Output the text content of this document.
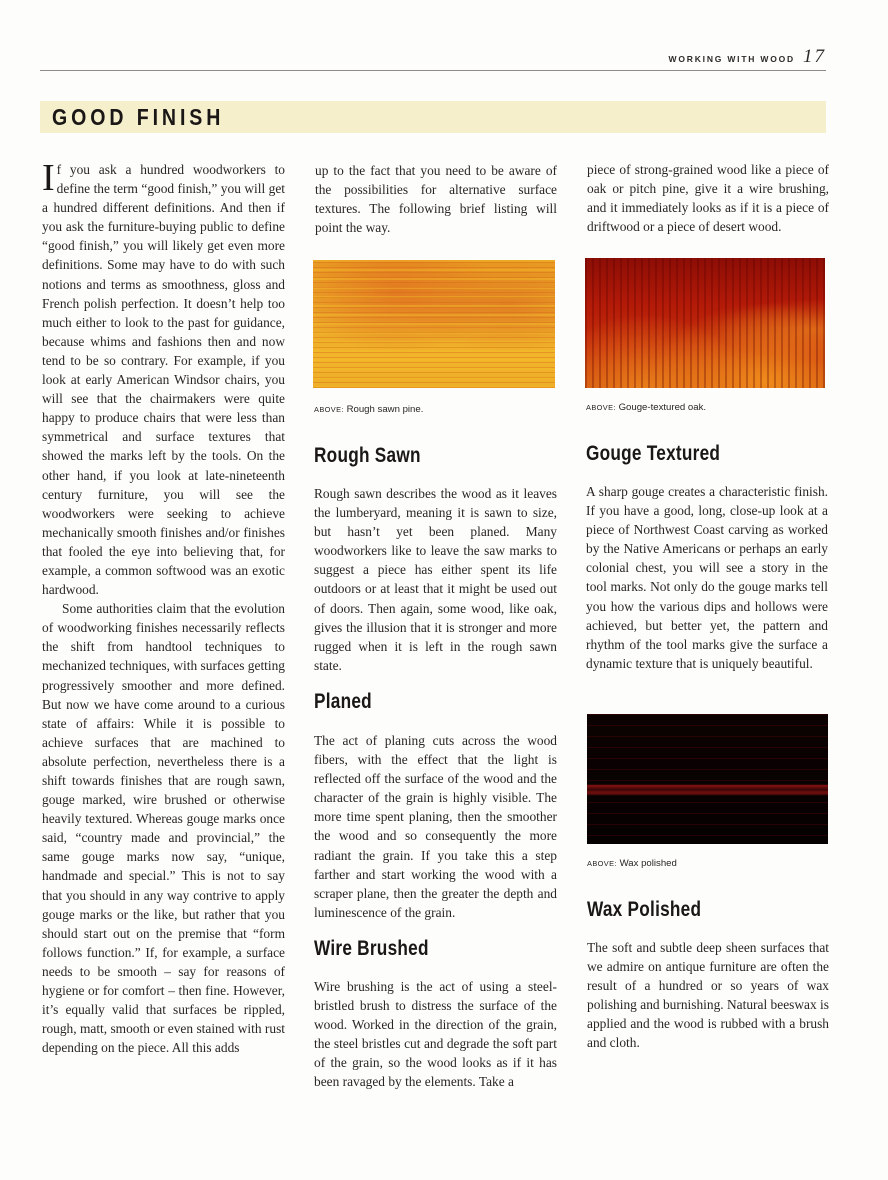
WORKING WITH WOOD 17
GOOD FINISH

If you ask a hundred woodworkers to define the term “good finish,” you will get a hundred different definitions. And then if you ask the furniture-buying public to define “good finish,” you will likely get even more definitions. Some may have to do with such notions and terms as smoothness, gloss and French polish perfection. It doesn’t help too much either to look to the past for guidance, because whims and fashions then and now tend to be so contrary. For example, if you look at early American Windsor chairs, you will see that the chairmakers were quite happy to produce chairs that were less than symmetrical and surface textures that showed the marks left by the tools. On the other hand, if you look at late-nineteenth century furniture, you will see the woodworkers were seeking to achieve mechanically smooth finishes and/or finishes that fooled the eye into believing that, for example, a common softwood was an exotic hardwood.

Some authorities claim that the evolution of woodworking finishes necessarily reflects the shift from handtool techniques to mechanized techniques, with surfaces getting progressively smoother and more defined. But now we have come around to a curious state of affairs: While it is possible to achieve surfaces that are machined to absolute perfection, nevertheless there is a shift towards finishes that are rough sawn, gouge marked, wire brushed or otherwise heavily textured. Whereas gouge marks once said, “country made and provincial,” the same gouge marks now say, “unique, handmade and special.” This is not to say that you should in any way contrive to apply gouge marks or the like, but rather that you should start out on the premise that “form follows function.” If, for example, a surface needs to be smooth – say for reasons of hygiene or for comfort – then fine. However, it’s equally valid that surfaces be rippled, rough, matt, smooth or even stained with rust depending on the piece. All this adds

up to the fact that you need to be aware of the possibilities for alternative surface textures. The following brief listing will point the way.

ABOVE: Rough sawn pine.
Rough Sawn

Rough sawn describes the wood as it leaves the lumberyard, meaning it is sawn to size, but hasn’t yet been planed. Many woodworkers like to leave the saw marks to suggest a piece has either spent its life outdoors or at least that it might be used out of doors. Then again, some wood, like oak, gives the illusion that it is stronger and more rugged when it is left in the rough sawn state.

Planed

The act of planing cuts across the wood fibers, with the effect that the light is reflected off the surface of the wood and the character of the grain is highly visible. The more time spent planing, then the smoother the wood and so consequently the more radiant the grain. If you take this a step farther and start working the wood with a scraper plane, then the greater the depth and luminescence of the grain.

Wire Brushed

Wire brushing is the act of using a steel-bristled brush to distress the surface of the wood. Worked in the direction of the grain, the steel bristles cut and degrade the soft part of the grain, so the wood looks as if it has been ravaged by the elements. Take a

piece of strong-grained wood like a piece of oak or pitch pine, give it a wire brushing, and it immediately looks as if it is a piece of driftwood or a piece of desert wood.

ABOVE: Gouge-textured oak.
Gouge Textured

A sharp gouge creates a characteristic finish. If you have a good, long, close-up look at a piece of Northwest Coast carving as worked by the Native Americans or perhaps an early colonial chest, you will see a story in the tool marks. Not only do the gouge marks tell you how the various dips and hollows were achieved, but better yet, the pattern and rhythm of the tool marks give the surface a dynamic texture that is uniquely beautiful.

ABOVE: Wax polished
Wax Polished

The soft and subtle deep sheen surfaces that we admire on antique furniture are often the result of a hundred or so years of wax polishing and burnishing. Natural beeswax is applied and the wood is rubbed with a brush and cloth.
